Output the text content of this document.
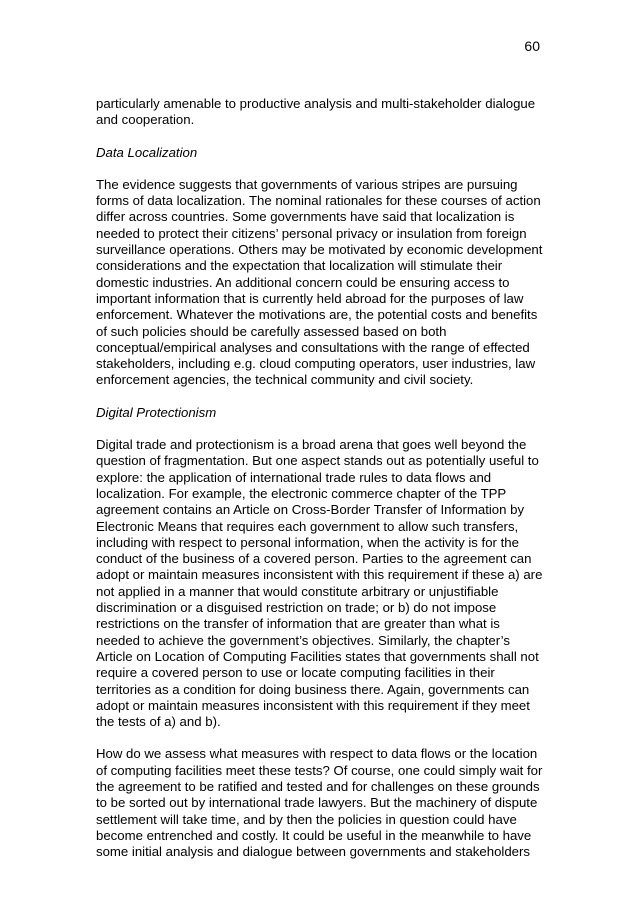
60

particularly amenable to productive analysis and multi-stakeholder dialogue and cooperation.

Data Localization

The evidence suggests that governments of various stripes are pursuing forms of data localization. The nominal rationales for these courses of action differ across countries. Some governments have said that localization is needed to protect their citizens’ personal privacy or insulation from foreign surveillance operations. Others may be motivated by economic development considerations and the expectation that localization will stimulate their domestic industries. An additional concern could be ensuring access to important information that is currently held abroad for the purposes of law enforcement. Whatever the motivations are, the potential costs and benefits of such policies should be carefully assessed based on both conceptual/empirical analyses and consultations with the range of effected stakeholders, including e.g. cloud computing operators, user industries, law enforcement agencies, the technical community and civil society.

Digital Protectionism

Digital trade and protectionism is a broad arena that goes well beyond the question of fragmentation. But one aspect stands out as potentially useful to explore: the application of international trade rules to data flows and localization. For example, the electronic commerce chapter of the TPP agreement contains an Article on Cross-Border Transfer of Information by Electronic Means that requires each government to allow such transfers, including with respect to personal information, when the activity is for the conduct of the business of a covered person. Parties to the agreement can adopt or maintain measures inconsistent with this requirement if these a) are not applied in a manner that would constitute arbitrary or unjustifiable discrimination or a disguised restriction on trade; or b) do not impose restrictions on the transfer of information that are greater than what is needed to achieve the government’s objectives. Similarly, the chapter’s Article on Location of Computing Facilities states that governments shall not require a covered person to use or locate computing facilities in their territories as a condition for doing business there. Again, governments can adopt or maintain measures inconsistent with this requirement if they meet the tests of a) and b).

How do we assess what measures with respect to data flows or the location of computing facilities meet these tests? Of course, one could simply wait for the agreement to be ratified and tested and for challenges on these grounds to be sorted out by international trade lawyers. But the machinery of dispute settlement will take time, and by then the policies in question could have become entrenched and costly. It could be useful in the meanwhile to have some initial analysis and dialogue between governments and stakeholders
